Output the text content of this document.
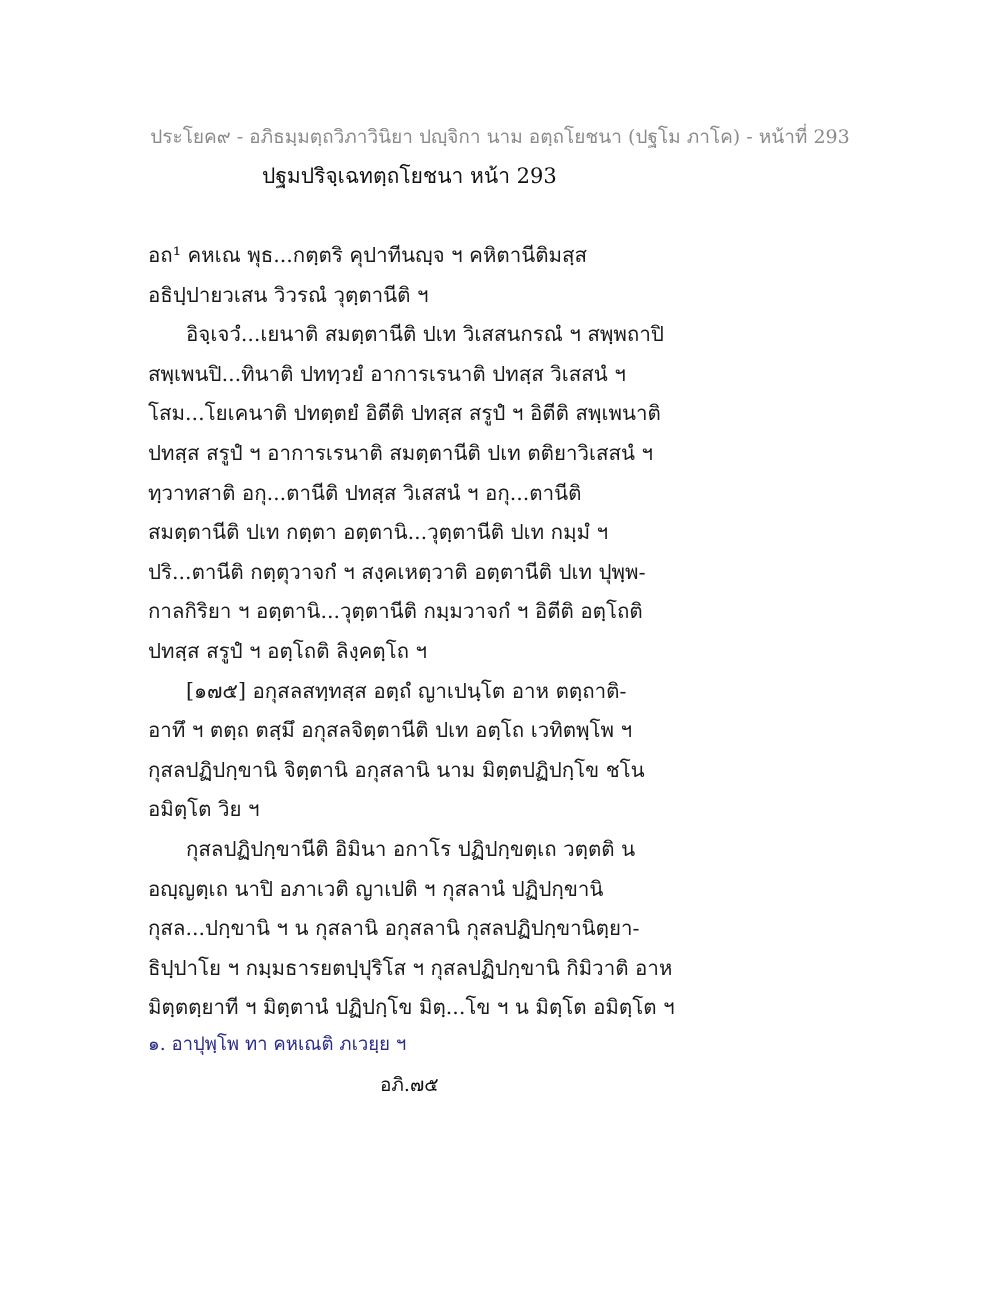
ประโยค๙ - อภิธมฺมตฺถวิภาวินิยา ปญฺจิกา นาม อตฺถโยชนา (ปฐโม ภาโค) - หน้าที่ 293
ปฐมปริจฺเฉทตฺถโยชนา หน้า 293
อถ¹ คหเณ พุธ...กตฺตริ คุปาทีนญฺจ ฯ คหิตานีติมสฺส
อธิปฺปายวเสน วิวรณํ วุตฺตานีติ ฯ
อิจฺเจวํ...เยนาติ สมตฺตานีติ ปเท วิเสสนกรณํ ฯ สพฺพถาปิ
สพฺเพนปิ...ทินาติ ปททฺวยํ อาการเรนาติ ปทสฺส วิเสสนํ ฯ
โสม...โยเคนาติ ปทตฺตยํ อิตีติ ปทสฺส สรูปํ ฯ อิตีติ สพฺเพนาติ
ปทสฺส สรูปํ ฯ อาการเรนาติ สมตฺตานีติ ปเท ตติยาวิเสสนํ ฯ
ทฺวาทสาติ อกุ...ตานีติ ปทสฺส วิเสสนํ ฯ อกุ...ตานีติ
สมตฺตานีติ ปเท กตฺตา อตฺตานิ...วุตฺตานีติ ปเท กมฺมํ ฯ
ปริ...ตานีติ กตฺตุวาจกํ ฯ สงฺคเหตฺวาติ อตฺตานีติ ปเท ปุพฺพ-
กาลกิริยา ฯ อตฺตานิ...วุตฺตานีติ กมฺมวาจกํ ฯ อิตีติ อตฺโถติ
ปทสฺส สรูปํ ฯ อตฺโถติ ลิงฺคตฺโถ ฯ
[๑๗๕] อกุสลสทฺทสฺส อตฺถํ ญาเปนฺโต อาห ตตฺถาติ-
อาทึ ฯ ตตฺถ ตสฺมึ อกุสลจิตฺตานีติ ปเท อตฺโถ เวทิตพฺโพ ฯ
กุสลปฏิปกฺขานิ จิตฺตานิ อกุสลานิ นาม มิตฺตปฏิปกฺโข ชโน
อมิตฺโต วิย ฯ
กุสลปฏิปกฺขานีติ อิมินา อกาโร ปฏิปกฺขตฺเถ วตฺตติ น
อญฺญตฺเถ นาปิ อภาเวติ ญาเปติ ฯ กุสลานํ ปฏิปกฺขานิ
กุสล...ปกฺขานิ ฯ น กุสลานิ อกุสลานิ กุสลปฏิปกฺขานิตฺยา-
ธิปฺปาโย ฯ กมฺมธารยตปฺปุริโส ฯ กุสลปฏิปกฺขานิ กิมิวาติ อาห
มิตฺตตฺยาที ฯ มิตฺตานํ ปฏิปกฺโข มิตฺ...โข ฯ น มิตฺโต อมิตฺโต ฯ
๑. อาปุพฺโพ ทา คหเณติ ภเวยฺย ฯ
อภิ.๗๕
